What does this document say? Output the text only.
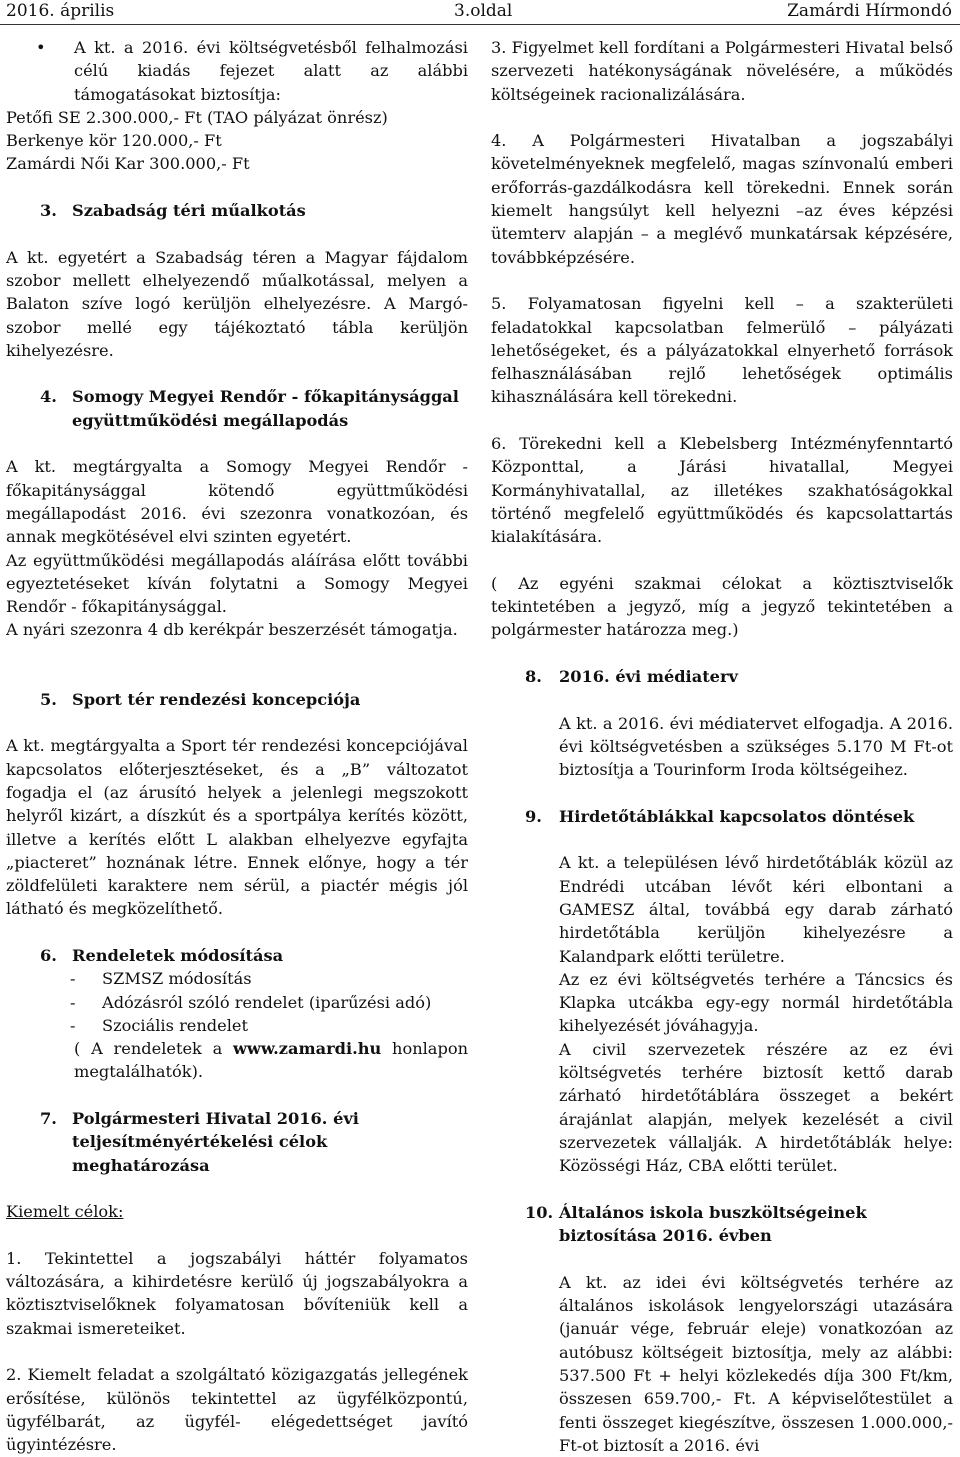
2016. április	3.oldal	Zamárdi Hírmondó
•	A kt. a 2016. évi költségvetésből felhalmozási célú kiadás fejezet alatt az alábbi támogatásokat biztosítja:

Petőfi SE 2.300.000,- Ft (TAO pályázat önrész)

Berkenye kör 120.000,- Ft

Zamárdi Női Kar 300.000,- Ft

3. Szabadság téri műalkotás

A kt. egyetért a Szabadság téren a Magyar fájdalom szobor mellett elhelyezendő műalkotással, melyen a Balaton szíve logó kerüljön elhelyezésre. A Margó-szobor mellé egy tájékoztató tábla kerüljön kihelyezésre.

4. Somogy Megyei Rendőr - főkapitánysággal együttműködési megállapodás

A kt. megtárgyalta a Somogy Megyei Rendőr - főkapitánysággal kötendő együttműködési megállapodást 2016. évi szezonra vonatkozóan, és annak megkötésével elvi szinten egyetért.

Az együttműködési megállapodás aláírása előtt további egyeztetéseket kíván folytatni a Somogy Megyei Rendőr - főkapitánysággal.

A nyári szezonra 4 db kerékpár beszerzését támogatja.

5. Sport tér rendezési koncepciója

A kt. megtárgyalta a Sport tér rendezési koncepciójával kapcsolatos előterjesztéseket, és a „B” változatot fogadja el (az árusító helyek a jelenlegi megszokott helyről kizárt, a díszkút és a sportpálya kerítés között, illetve a kerítés előtt L alakban elhelyezve egyfajta „piacteret” hoznának létre. Ennek előnye, hogy a tér zöldfelületi karaktere nem sérül, a piactér mégis jól látható és megközelíthető.

6. Rendeletek módosítása
-	SZMSZ módosítás
-	Adózásról szóló rendelet (iparűzési adó)
-	Szociális rendelet

( A rendeletek a www.zamardi.hu honlapon megtalálhatók).

7. Polgármesteri Hivatal 2016. évi teljesítményértékelési célok meghatározása

Kiemelt célok:

1. Tekintettel a jogszabályi háttér folyamatos változására, a kihirdetésre kerülő új jogszabályokra a köztisztviselőknek folyamatosan bővíteniük kell a szakmai ismereteiket.

2. Kiemelt feladat a szolgáltató közigazgatás jellegének erősítése, különös tekintettel az ügyfélközpontú, ügyfélbarát, az ügyfél- elégedettséget javító ügyintézésre.

3. Figyelmet kell fordítani a Polgármesteri Hivatal belső szervezeti hatékonyságának növelésére, a működés költségeinek racionalizálására.

4. A Polgármesteri Hivatalban a jogszabályi követelményeknek megfelelő, magas színvonalú emberi erőforrás-gazdálkodásra kell törekedni. Ennek során kiemelt hangsúlyt kell helyezni –az éves képzési ütemterv alapján – a meglévő munkatársak képzésére, továbbképzésére.

5. Folyamatosan figyelni kell – a szakterületi feladatokkal kapcsolatban felmerülő – pályázati lehetőségeket, és a pályázatokkal elnyerhető források felhasználásában rejlő lehetőségek optimális kihasználására kell törekedni.

6. Törekedni kell a Klebelsberg Intézményfenntartó Központtal, a Járási hivatallal, Megyei Kormányhivatallal, az illetékes szakhatóságokkal történő megfelelő együttműködés és kapcsolattartás kialakítására.

( Az egyéni szakmai célokat a köztisztviselők tekintetében a jegyző, míg a jegyző tekintetében a polgármester határozza meg.)

8.	2016. évi médiaterv

A kt. a 2016. évi médiatervet elfogadja. A 2016. évi költségvetésben a szükséges 5.170 M Ft-ot biztosítja a Tourinform Iroda költségeihez.

9.	Hirdetőtáblákkal kapcsolatos döntések

A kt. a településen lévő hirdetőtáblák közül az Endrédi utcában lévőt kéri elbontani a GAMESZ által, továbbá egy darab zárható hirdetőtábla kerüljön kihelyezésre a Kalandpark előtti területre.

Az ez évi költségvetés terhére a Táncsics és Klapka utcákba egy-egy normál hirdetőtábla kihelyezését jóváhagyja.

A civil szervezetek részére az ez évi költségvetés terhére biztosít kettő darab zárható hirdetőtáblára összeget a bekért árajánlat alapján, melyek kezelését a civil szervezetek vállalják. A hirdetőtáblák helye: Közösségi Ház, CBA előtti terület.

10. Általános iskola buszköltségeinek biztosítása 2016. évben

A kt. az idei évi költségvetés terhére az általános iskolások lengyelországi utazására (január vége, február eleje) vonatkozóan az autóbusz költségeit biztosítja, mely az alábbi: 537.500 Ft + helyi közlekedés díja 300 Ft/km, összesen 659.700,- Ft. A képviselőtestület a fenti összeget kiegészítve, összesen 1.000.000,- Ft-ot biztosít a 2016. évi
